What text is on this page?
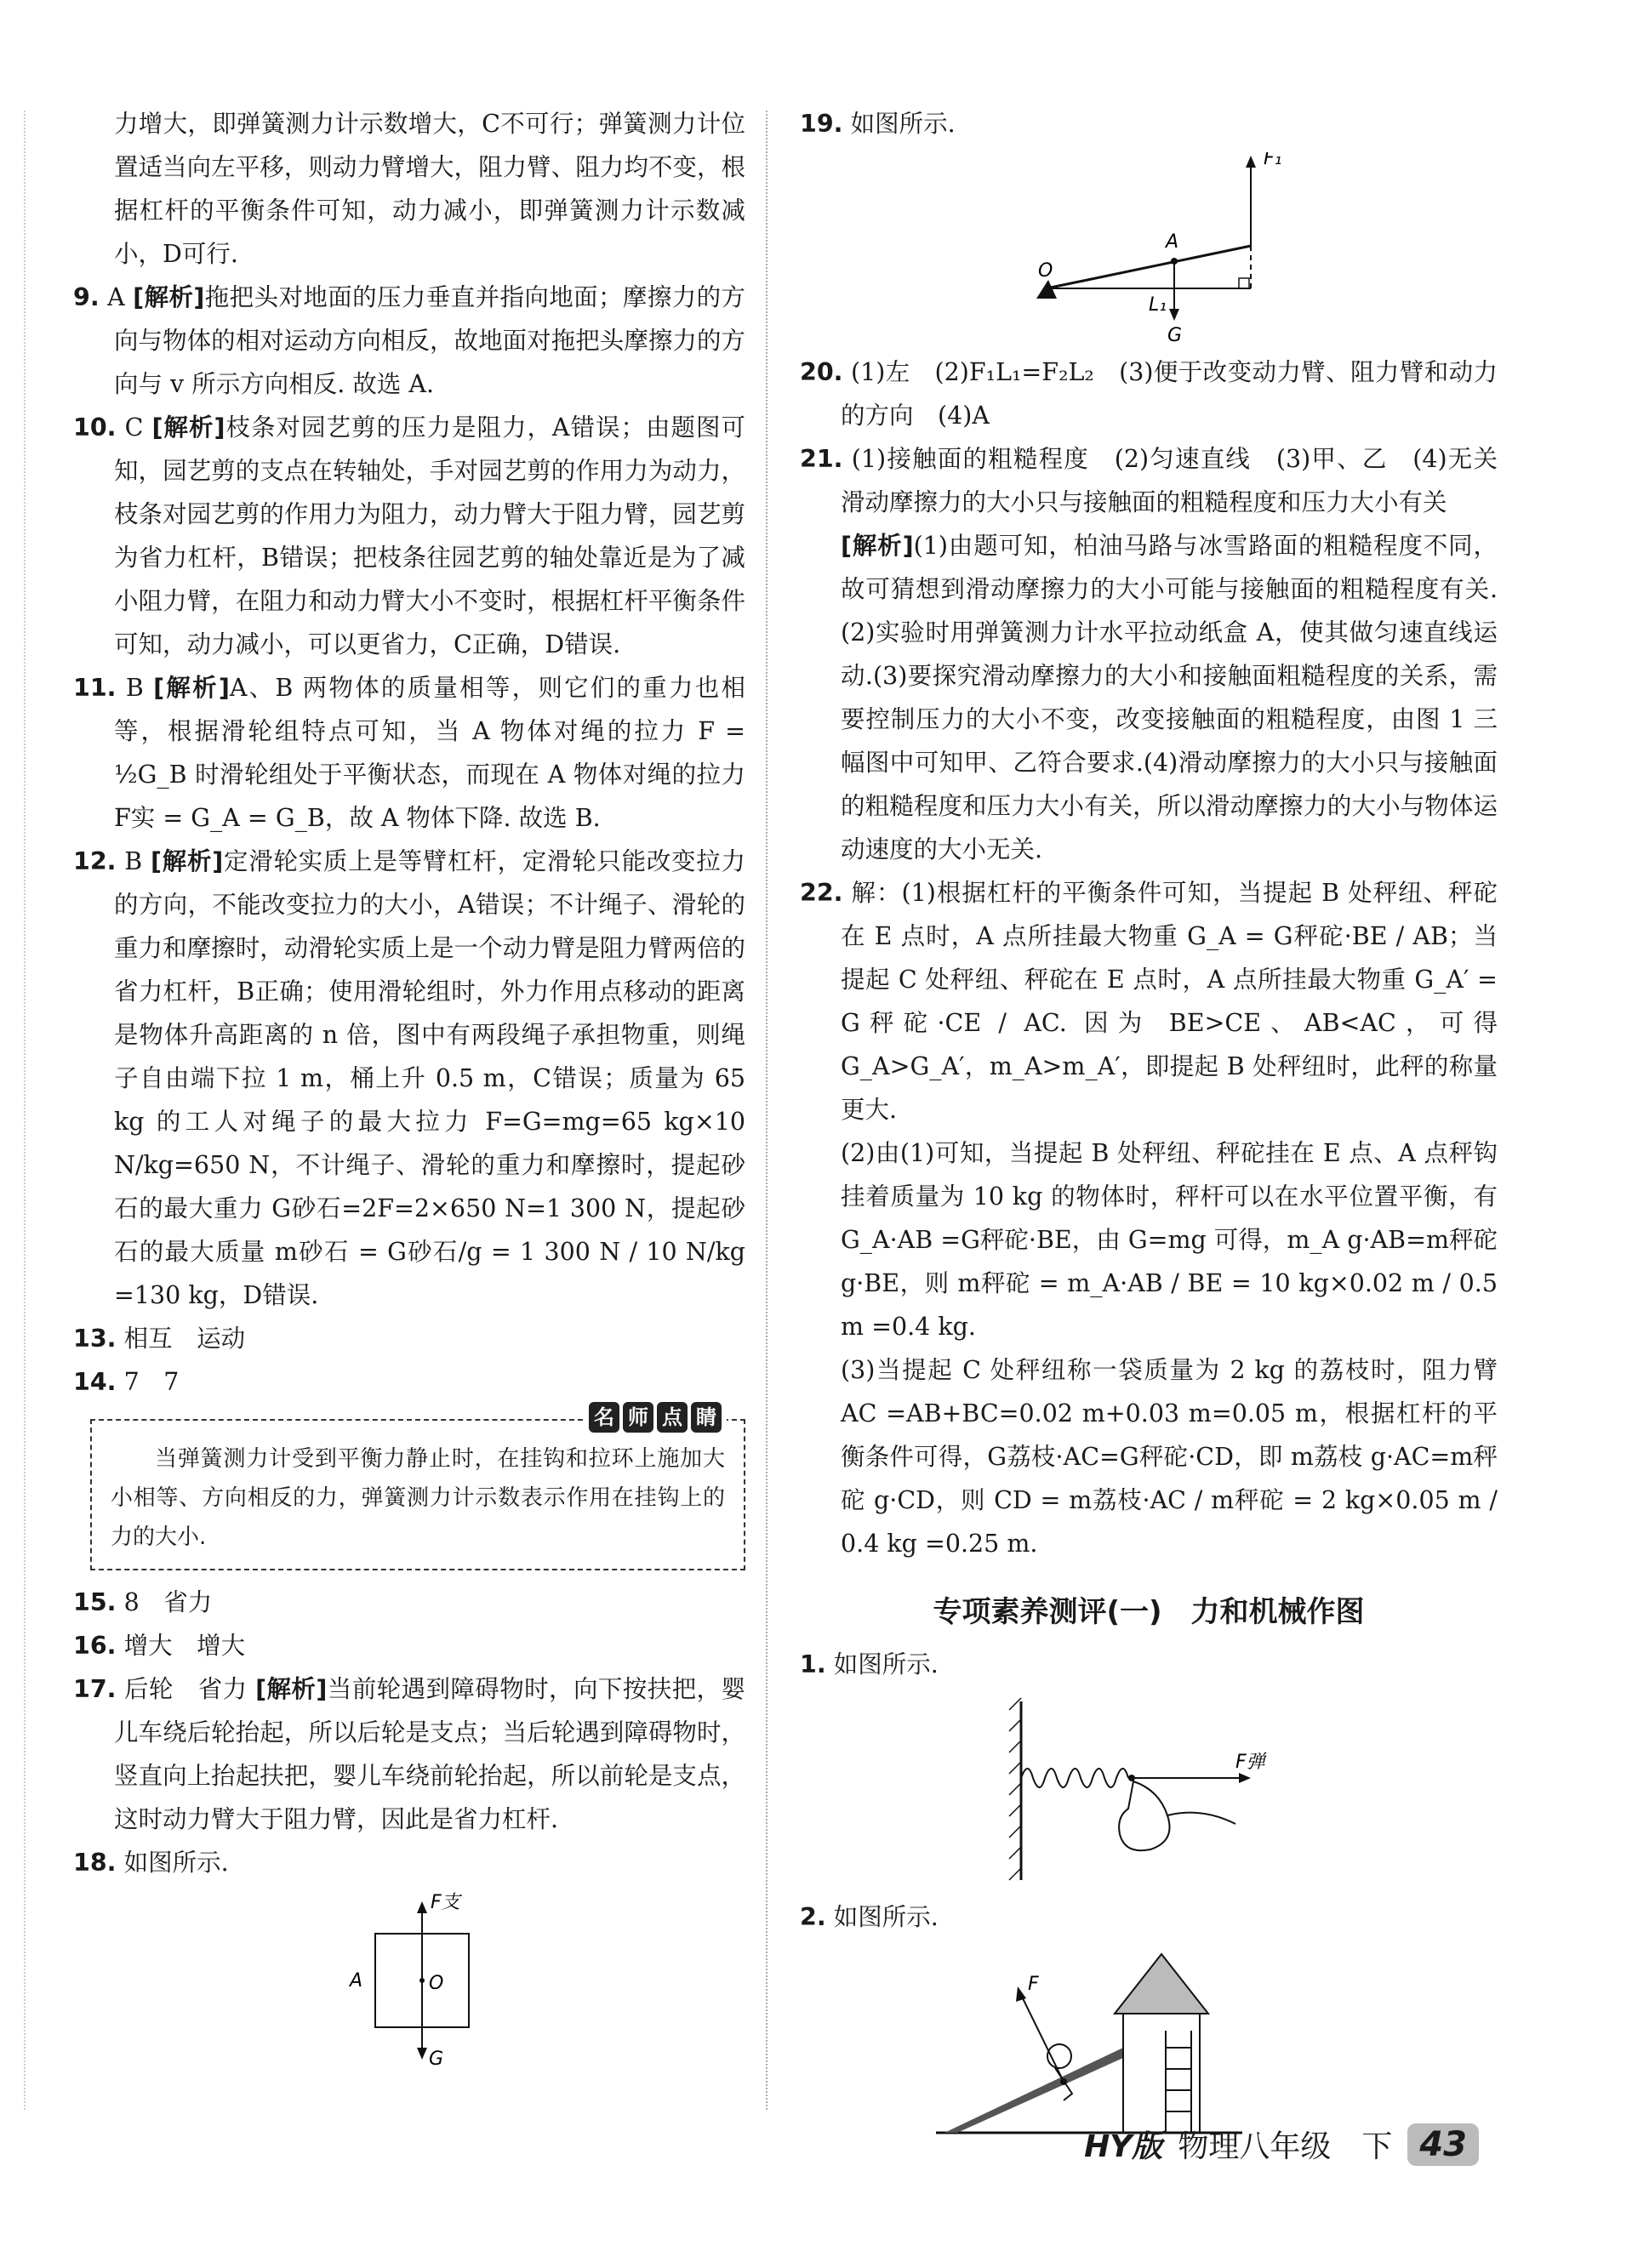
力增大，即弹簧测力计示数增大，C不可行；弹簧测力计位置适当向左平移，则动力臂增大，阻力臂、阻力均不变，根据杠杆的平衡条件可知，动力减小，即弹簧测力计示数减小，D可行.

9. A [解析]拖把头对地面的压力垂直并指向地面；摩擦力的方向与物体的相对运动方向相反，故地面对拖把头摩擦力的方向与 v 所示方向相反. 故选 A.

10. C [解析]枝条对园艺剪的压力是阻力，A错误；由题图可知，园艺剪的支点在转轴处，手对园艺剪的作用力为动力，枝条对园艺剪的作用力为阻力，动力臂大于阻力臂，园艺剪为省力杠杆，B错误；把枝条往园艺剪的轴处靠近是为了减小阻力臂，在阻力和动力臂大小不变时，根据杠杆平衡条件可知，动力减小，可以更省力，C正确，D错误.

11. B [解析]A、B 两物体的质量相等，则它们的重力也相等，根据滑轮组特点可知，当 A 物体对绳的拉力 F = ½G_B 时滑轮组处于平衡状态，而现在 A 物体对绳的拉力 F实 = G_A = G_B，故 A 物体下降. 故选 B.

12. B [解析]定滑轮实质上是等臂杠杆，定滑轮只能改变拉力的方向，不能改变拉力的大小，A错误；不计绳子、滑轮的重力和摩擦时，动滑轮实质上是一个动力臂是阻力臂两倍的省力杠杆，B正确；使用滑轮组时，外力作用点移动的距离是物体升高距离的 n 倍，图中有两段绳子承担物重，则绳子自由端下拉 1 m，桶上升 0.5 m，C错误；质量为 65 kg 的工人对绳子的最大拉力 F=G=mg=65 kg×10 N/kg=650 N，不计绳子、滑轮的重力和摩擦时，提起砂石的最大重力 G砂石=2F=2×650 N=1 300 N，提起砂石的最大质量 m砂石 = G砂石/g = 1 300 N / 10 N/kg =130 kg，D错误.

13. 相互　运动

14. 7　7

名 师 点 睛

当弹簧测力计受到平衡力静止时，在挂钩和拉环上施加大小相等、方向相反的力，弹簧测力计示数表示作用在挂钩上的力的大小.

15. 8　省力

16. 增大　增大

17. 后轮　省力 [解析]当前轮遇到障碍物时，向下按扶把，婴儿车绕后轮抬起，所以后轮是支点；当后轮遇到障碍物时，竖直向上抬起扶把，婴儿车绕前轮抬起，所以前轮是支点，这时动力臂大于阻力臂，因此是省力杠杆.

18. 如图所示.

A	O
F支
G

19. 如图所示.

F₁
A
O
L₁
G

20. (1)左　(2)F₁L₁=F₂L₂　(3)便于改变动力臂、阻力臂和动力的方向　(4)A

21. (1)接触面的粗糙程度　(2)匀速直线　(3)甲、乙　(4)无关　滑动摩擦力的大小只与接触面的粗糙程度和压力大小有关

[解析](1)由题可知，柏油马路与冰雪路面的粗糙程度不同，故可猜想到滑动摩擦力的大小可能与接触面的粗糙程度有关.(2)实验时用弹簧测力计水平拉动纸盒 A，使其做匀速直线运动.(3)要探究滑动摩擦力的大小和接触面粗糙程度的关系，需要控制压力的大小不变，改变接触面的粗糙程度，由图 1 三幅图中可知甲、乙符合要求.(4)滑动摩擦力的大小只与接触面的粗糙程度和压力大小有关，所以滑动摩擦力的大小与物体运动速度的大小无关.

22. 解：(1)根据杠杆的平衡条件可知，当提起 B 处秤纽、秤砣在 E 点时，A 点所挂最大物重 G_A = G秤砣·BE / AB；当提起 C 处秤纽、秤砣在 E 点时，A 点所挂最大物重 G_A′ = G秤砣·CE / AC. 因为 BE>CE、AB<AC，可得 G_A>G_A′，m_A>m_A′，即提起 B 处秤纽时，此秤的称量更大.

(2)由(1)可知，当提起 B 处秤纽、秤砣挂在 E 点、A 点秤钩挂着质量为 10 kg 的物体时，秤杆可以在水平位置平衡，有G_A·AB =G秤砣·BE，由 G=mg 可得，m_A g·AB=m秤砣 g·BE，则 m秤砣 = m_A·AB / BE = 10 kg×0.02 m / 0.5 m =0.4 kg.

(3)当提起 C 处秤纽称一袋质量为 2 kg 的荔枝时，阻力臂 AC =AB+BC=0.02 m+0.03 m=0.05 m，根据杠杆的平衡条件可得，G荔枝·AC=G秤砣·CD，即 m荔枝 g·AC=m秤砣 g·CD，则 CD = m荔枝·AC / m秤砣 = 2 kg×0.05 m / 0.4 kg =0.25 m.

专项素养测评(一)　力和机械作图

1. 如图所示.

F弹

2. 如图所示.

F
HY版 物理八年级　下 43
